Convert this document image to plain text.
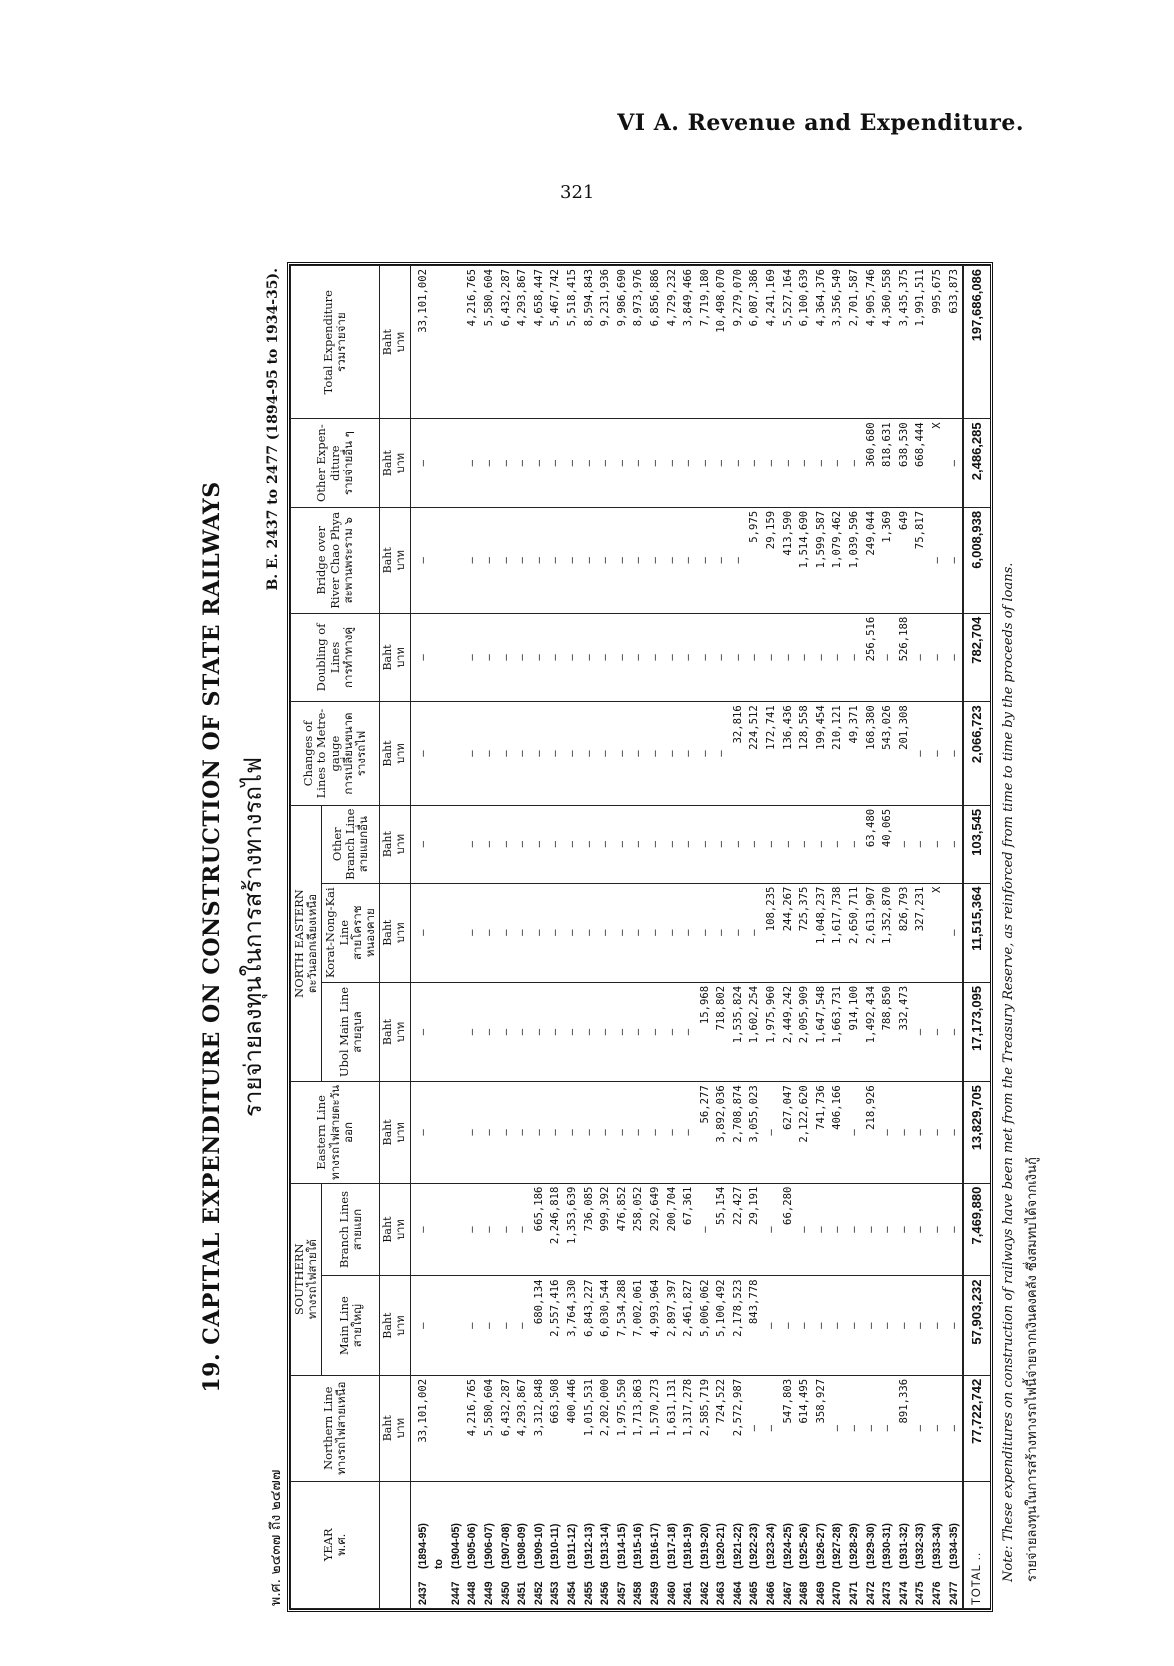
VI A. Revenue and Expenditure.
321
19. CAPITAL EXPENDITURE ON CONSTRUCTION OF STATE RAILWAYS รายจ่ายลงทุนในการสร้างทางรถไฟ
พ.ศ. ๒๔๓๗ ถึง ๒๔๗๗
B. E. 2437 to 2477 (1894-95 to 1934-35).
YEAR พ.ศ.	Northern Line ทางรถไฟสายเหนือ	SOUTHERN ทางรถไฟสายใต้		Eastern Line ทางรถไฟสายตะวันออก	NORTH EASTERN ตะวันออกเฉียงเหนือ			Changes of Lines to Metre-gauge การเปลี่ยนขนาดรางรถไฟ	Doubling of Lines การทำทางคู่	Bridge over River Chao Phya สะพานพระราม ๖	Other Expen-diture รายจ่ายอื่น ๆ	Total Expenditure รวมรายจ่าย

		Main Line สายใหญ่	Branch Lines สายแยก		Ubol Main Line สายอุบล	Korat-Nong-Kai Line สายโคราช หนองคาย	Other Branch Line สายแยกอื่น					

	Baht บาท	Baht บาท	Baht บาท	Baht บาท	Baht บาท	Baht บาท	Baht บาท	Baht บาท	Baht บาท	Baht บาท	Baht บาท	Baht บาท

2437(1894-95)	33,101,002	—	—	—	—	—	—	—	—	—	—	33,101,002
to												
2447(1904-05)												
2448(1905-06)	4,216,765	—	—	—	—	—	—	—	—	—	—	4,216,765
2449(1906-07)	5,580,604	—	—	—	—	—	—	—	—	—	—	5,580,604
2450(1907-08)	6,432,287	—	—	—	—	—	—	—	—	—	—	6,432,287
2451(1908-09)	4,293,867	—	—	—	—	—	—	—	—	—	—	4,293,867
2452(1909-10)	3,312,848	680,134	665,186	—	—	—	—	—	—	—	—	4,658,447
2453(1910-11)	663,508	2,557,416	2,246,818	—	—	—	—	—	—	—	—	5,467,742
2454(1911-12)	400,446	3,764,330	1,353,639	—	—	—	—	—	—	—	—	5,518,415
2455(1912-13)	1,015,531	6,843,227	736,085	—	—	—	—	—	—	—	—	8,594,843
2456(1913-14)	2,202,000	6,030,544	999,392	—	—	—	—	—	—	—	—	9,231,936
2457(1914-15)	1,975,550	7,534,288	476,852	—	—	—	—	—	—	—	—	9,986,690
2458(1915-16)	1,713,863	7,002,061	258,052	—	—	—	—	—	—	—	—	8,973,976
2459(1916-17)	1,570,273	4,993,964	292,649	—	—	—	—	—	—	—	—	6,856,886
2460(1917-18)	1,631,131	2,897,397	200,704	—	—	—	—	—	—	—	—	4,729,232
2461(1918-19)	1,317,278	2,461,827	67,361	—	—	—	—	—	—	—	—	3,849,466
2462(1919-20)	2,585,719	5,006,062	—	56,277	15,968	—	—	—	—	—	—	7,719,180
2463(1920-21)	724,522	5,100,492	55,154	3,892,036	718,802	—	—	—	—	—	—	10,498,070
2464(1921-22)	2,572,987	2,178,523	22,427	2,708,874	1,535,824	—	—	32,816	—	—	—	9,279,070
2465(1922-23)	—	843,778	29,191	3,055,023	1,602,254	—	—	224,512	—	5,975	—	6,087,386
2466(1923-24)	—	—	—	—	1,975,960	108,235	—	172,741	—	29,159	—	4,241,169
2467(1924-25)	547,803	—	66,280	627,047	2,449,242	244,267	—	136,436	—	413,590	—	5,527,164
2468(1925-26)	614,495	—	—	2,122,620	2,095,909	725,375	—	128,558	—	1,514,690	—	6,100,639
2469(1926-27)	358,927	—	—	741,736	1,647,548	1,048,237	—	199,454	—	1,599,587	—	4,364,376
2470(1927-28)	—	—	—	406,166	1,663,731	1,617,738	—	210,121	—	1,079,462	—	3,356,549
2471(1928-29)	—	—	—	—	914,100	2,650,711	—	49,371	—	1,039,596	—	2,701,587
2472(1929-30)	—	—	—	218,926	1,492,434	2,613,907	63,480	168,380	256,516	249,044	360,680	4,905,746
2473(1930-31)	—	—	—	—	788,850	1,352,870	40,065	543,026	—	1,369	818,631	4,360,558
2474(1931-32)	891,336	—	—	—	332,473	826,793	—	201,308	526,188	649	638,530	3,435,375
2475(1932-33)	—	—	—	—	—	327,231	—	—	—	75,817	668,444	1,991,511
2476(1933-34)	—	—	—	—	—	X	—	—	—	—	X	995,675
2477(1934-35)	—	—	—	—	—	—	—	—	—	—	—	633,873
TOTAL ..	77,722,742	57,903,232	7,469,880	13,829,705	17,173,095	11,515,364	103,545	2,066,723	782,704	6,008,938	2,486,285	197,686,086
Note: These expenditures on construction of railways have been met from the Treasury Reserve, as reinforced from time to time by the proceeds of loans. รายจ่ายลงทุนในการสร้างทางรถไฟนี้จ่ายจากเงินคงคลัง ซึ่งสมทบได้จากเงินกู้
